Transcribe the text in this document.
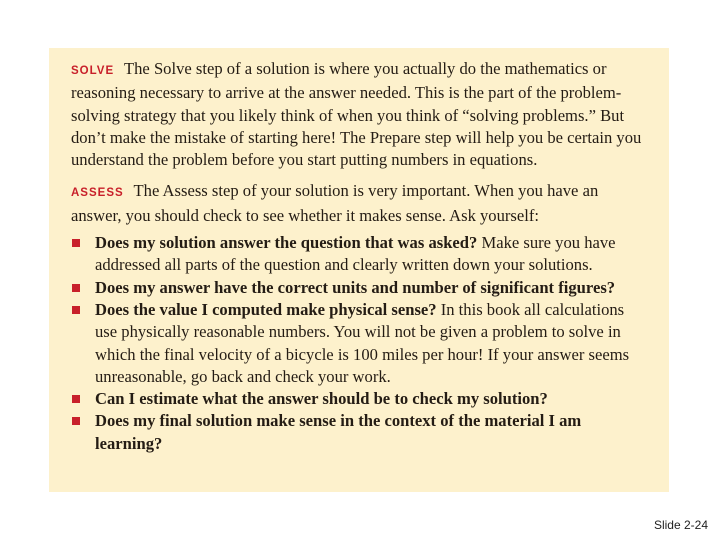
SOLVE The Solve step of a solution is where you actually do the mathematics or reasoning necessary to arrive at the answer needed. This is the part of the problem-solving strategy that you likely think of when you think of “solving problems.” But don’t make the mistake of starting here! The Prepare step will help you be certain you understand the problem before you start putting numbers in equations.

ASSESS The Assess step of your solution is very important. When you have an answer, you should check to see whether it makes sense. Ask yourself:

Does my solution answer the question that was asked? Make sure you have addressed all parts of the question and clearly written down your solutions.
Does my answer have the correct units and number of significant figures?
Does the value I computed make physical sense? In this book all calculations use physically reasonable numbers. You will not be given a problem to solve in which the final velocity of a bicycle is 100 miles per hour! If your answer seems unreasonable, go back and check your work.
Can I estimate what the answer should be to check my solution?
Does my final solution make sense in the context of the material I am learning?
Slide 2-24
